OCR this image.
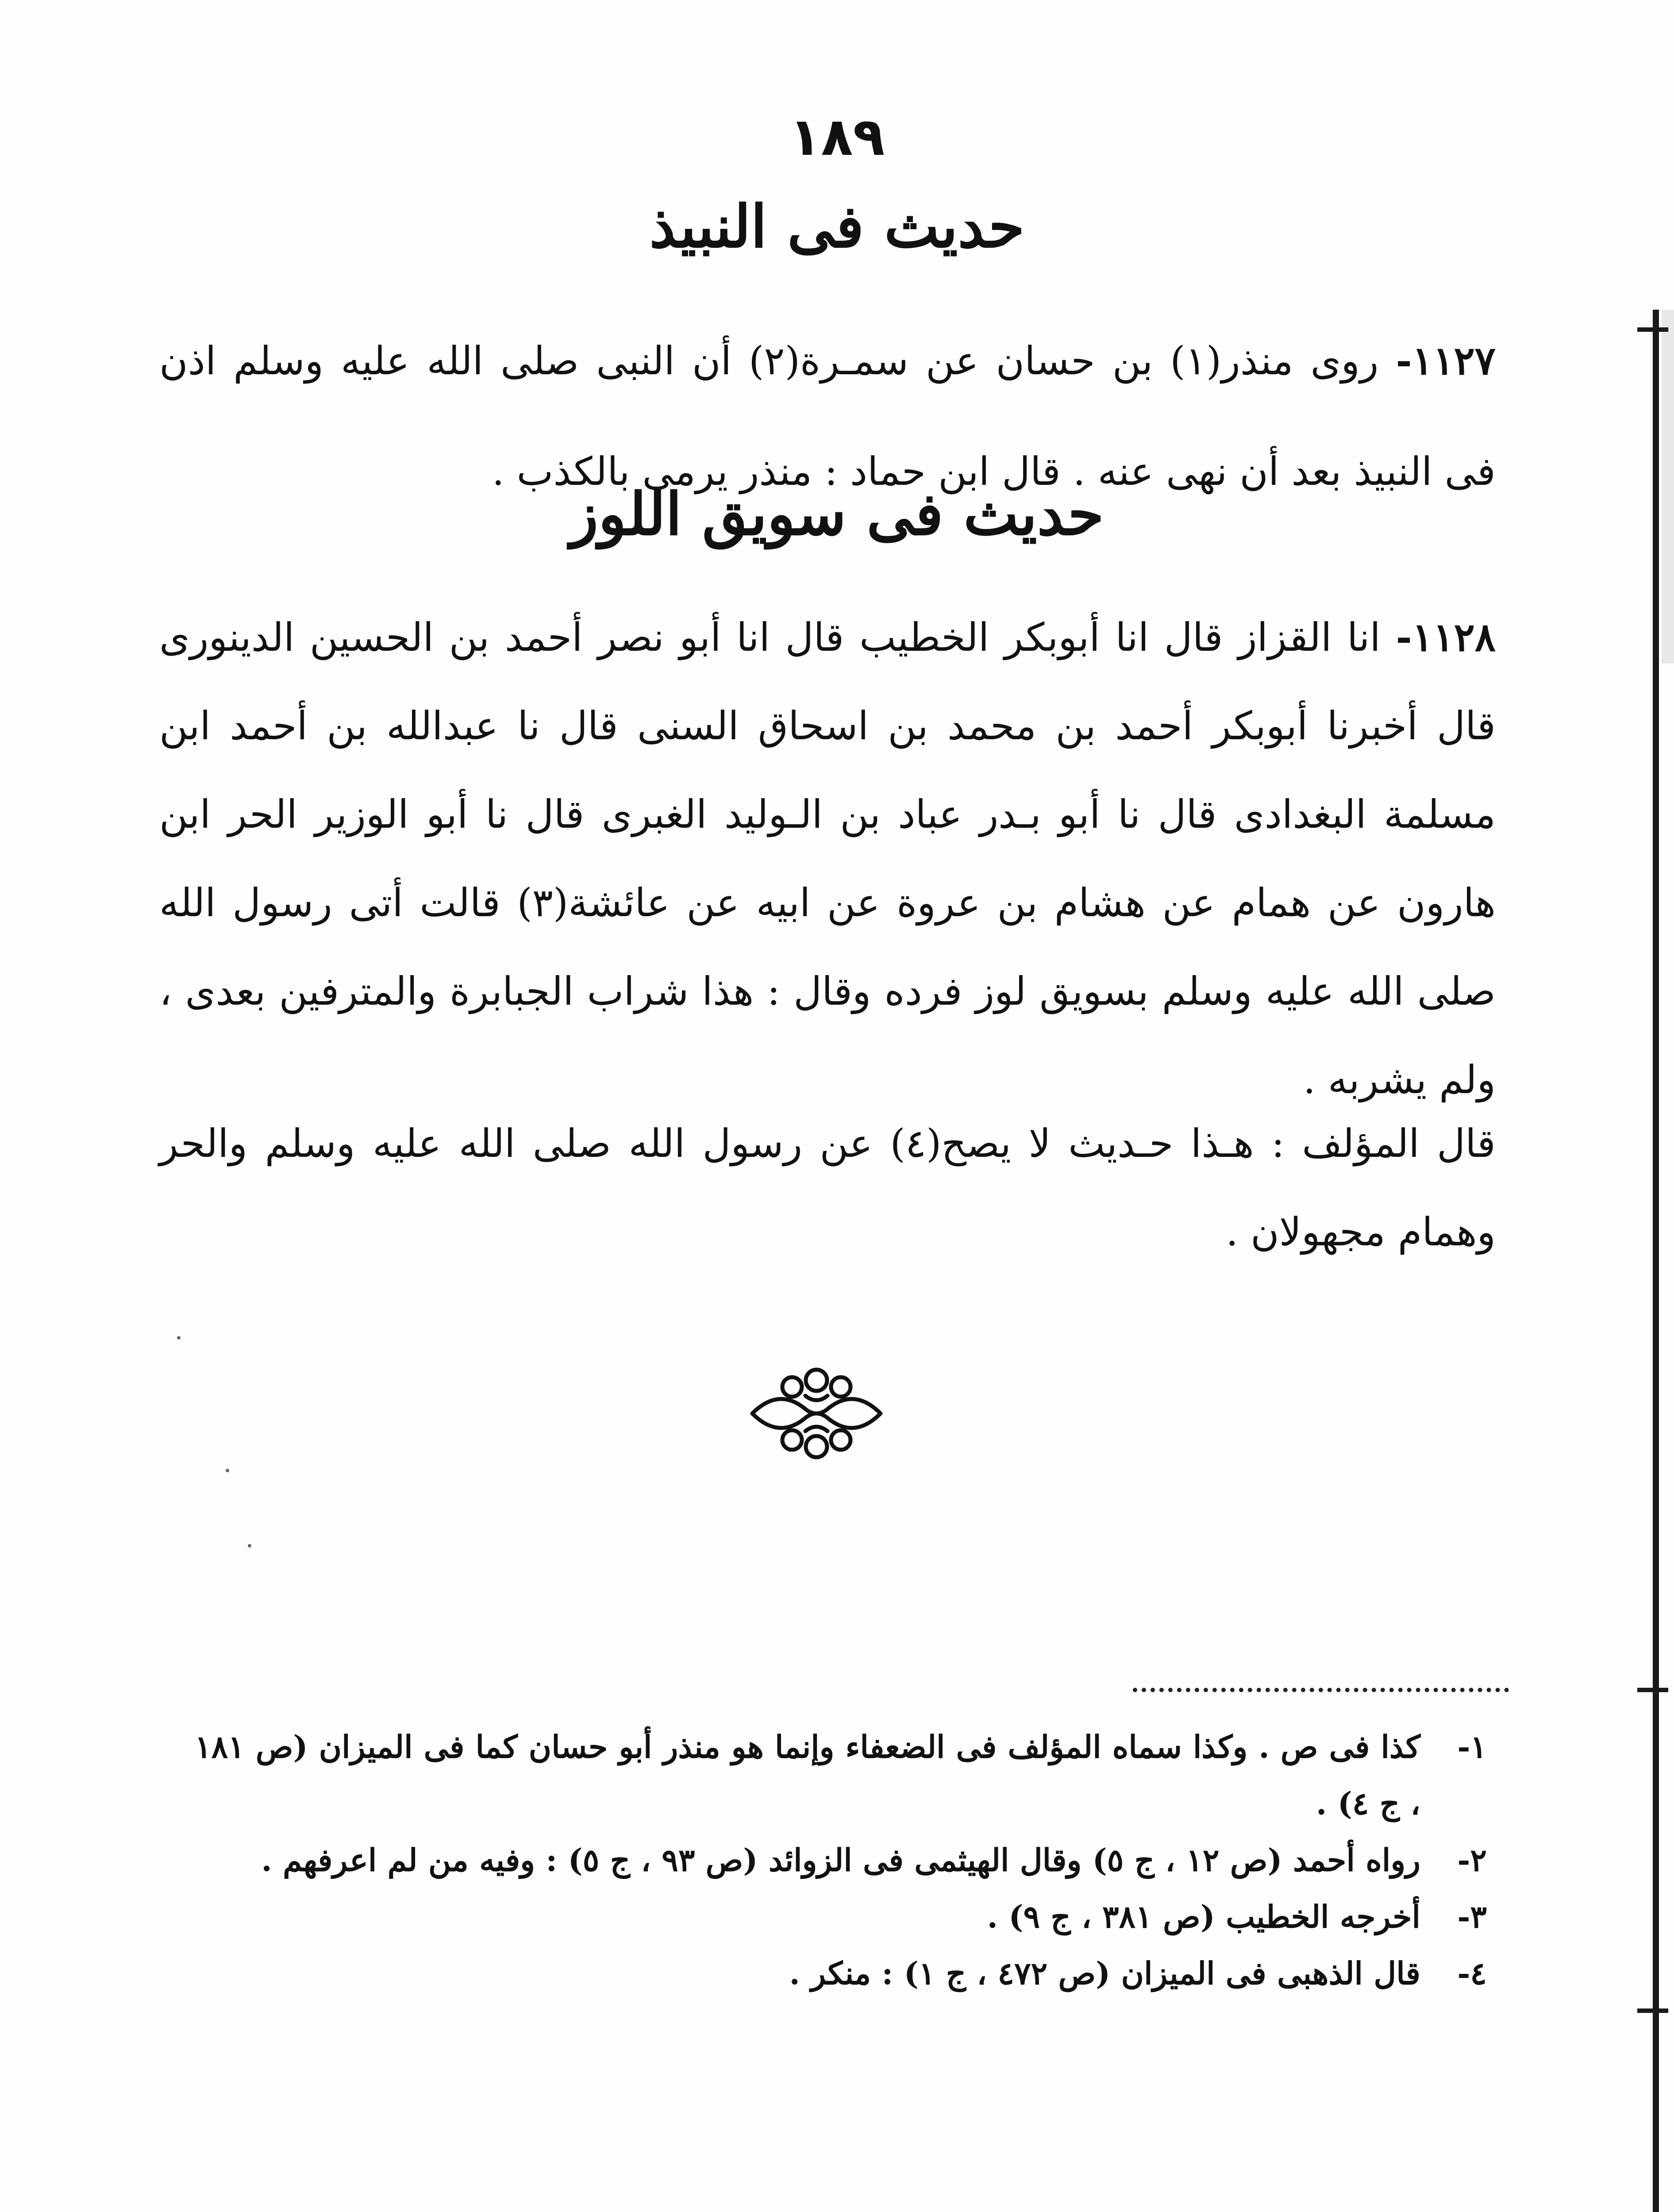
١٨٩
حديث فى النبيذ
١١٢٧- روى منذر(١) بن حسان عن سمـرة(٢) أن النبى صلى الله عليه وسلم اذن فى النبيذ بعد أن نهى عنه . قال ابن حماد : منذر يرمى بالكذب .
حديث فى سويق اللوز
١١٢٨- انا القزاز قال انا أبوبكر الخطيب قال انا أبو نصر أحمد بن الحسين الدينورى قال أخبرنا أبوبكر أحمد بن محمد بن اسحاق السنى قال نا عبدالله بن أحمد ابن مسلمة البغدادى قال نا أبو بـدر عباد بن الـوليد الغبرى قال نا أبو الوزير الحر ابن هارون عن همام عن هشام بن عروة عن ابيه عن عائشة(٣) قالت أتى رسول الله صلى الله عليه وسلم بسويق لوز فرده وقال : هذا شراب الجبابرة والمترفين بعدى ، ولم يشربه .
قال المؤلف : هـذا حـديث لا يصح(٤) عن رسول الله صلى الله عليه وسلم والحر وهمام مجهولان .
١-
كذا فى ص . وكذا سماه المؤلف فى الضعفاء وإنما هو منذر أبو حسان كما فى الميزان (ص ١٨١ ، ج ٤) .
٢-
رواه أحمد (ص ١٢ ، ج ٥) وقال الهيثمى فى الزوائد (ص ٩٣ ، ج ٥) : وفيه من لم اعرفهم .
٣-
أخرجه الخطيب (ص ٣٨١ ، ج ٩) .
٤-
قال الذهبى فى الميزان (ص ٤٧٢ ، ج ١) : منكر .
